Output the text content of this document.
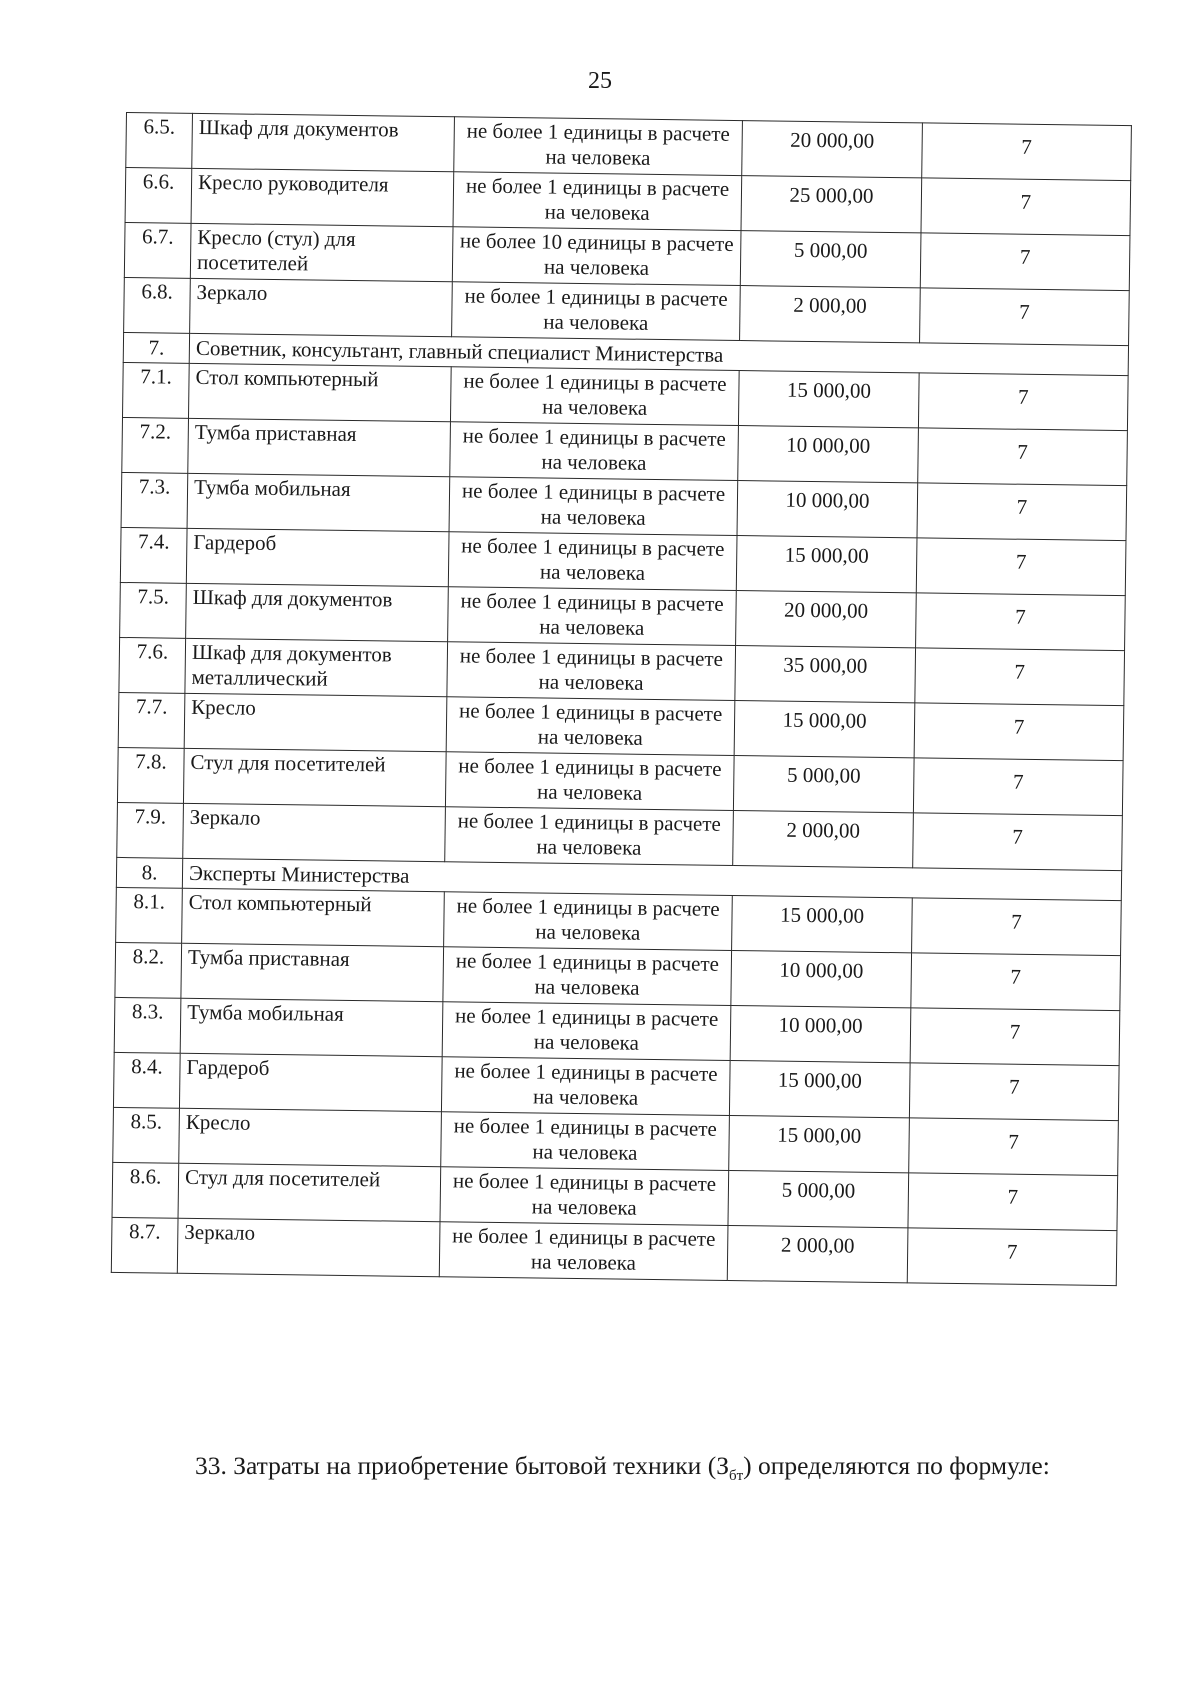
25
6.5.	Шкаф для документов	не более 1 единицы в расчете на человека	20 000,00	7
6.6.	Кресло руководителя	не более 1 единицы в расчете на человека	25 000,00	7
6.7.	Кресло (стул) для посетителей	не более 10 единицы в расчете на человека	5 000,00	7
6.8.	Зеркало	не более 1 единицы в расчете на человека	2 000,00	7
7.	Советник, консультант, главный специалист Министерства			
7.1.	Стол компьютерный	не более 1 единицы в расчете на человека	15 000,00	7
7.2.	Тумба приставная	не более 1 единицы в расчете на человека	10 000,00	7
7.3.	Тумба мобильная	не более 1 единицы в расчете на человека	10 000,00	7
7.4.	Гардероб	не более 1 единицы в расчете на человека	15 000,00	7
7.5.	Шкаф для документов	не более 1 единицы в расчете на человека	20 000,00	7
7.6.	Шкаф для документов металлический	не более 1 единицы в расчете на человека	35 000,00	7
7.7.	Кресло	не более 1 единицы в расчете на человека	15 000,00	7
7.8.	Стул для посетителей	не более 1 единицы в расчете на человека	5 000,00	7
7.9.	Зеркало	не более 1 единицы в расчете на человека	2 000,00	7
8.	Эксперты Министерства			
8.1.	Стол компьютерный	не более 1 единицы в расчете на человека	15 000,00	7
8.2.	Тумба приставная	не более 1 единицы в расчете на человека	10 000,00	7
8.3.	Тумба мобильная	не более 1 единицы в расчете на человека	10 000,00	7
8.4.	Гардероб	не более 1 единицы в расчете на человека	15 000,00	7
8.5.	Кресло	не более 1 единицы в расчете на человека	15 000,00	7
8.6.	Стул для посетителей	не более 1 единицы в расчете на человека	5 000,00	7
8.7.	Зеркало	не более 1 единицы в расчете на человека	2 000,00	7

33. Затраты на приобретение бытовой техники $(З_{бт})$ определяются по формуле:
